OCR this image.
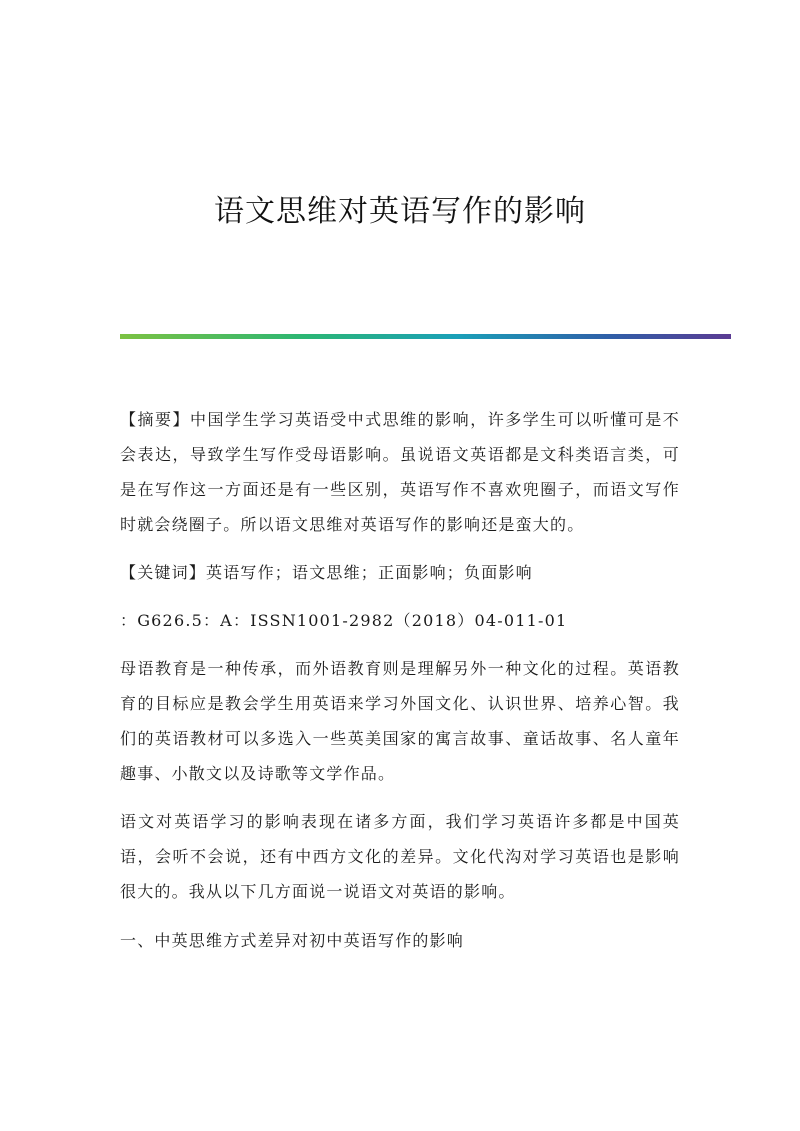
语文思维对英语写作的影响

【摘要】中国学生学习英语受中式思维的影响，许多学生可以听懂可是不会表达，导致学生写作受母语影响。虽说语文英语都是文科类语言类，可是在写作这一方面还是有一些区别，英语写作不喜欢兜圈子，而语文写作时就会绕圈子。所以语文思维对英语写作的影响还是蛮大的。

【关键词】英语写作；语文思维；正面影响；负面影响

：G626.5：A：ISSN1001-2982（2018）04-011-01

母语教育是一种传承，而外语教育则是理解另外一种文化的过程。英语教育的目标应是教会学生用英语来学习外国文化、认识世界、培养心智。我们的英语教材可以多选入一些英美国家的寓言故事、童话故事、名人童年趣事、小散文以及诗歌等文学作品。

语文对英语学习的影响表现在诸多方面，我们学习英语许多都是中国英语，会听不会说，还有中西方文化的差异。文化代沟对学习英语也是影响很大的。我从以下几方面说一说语文对英语的影响。

一、中英思维方式差异对初中英语写作的影响
